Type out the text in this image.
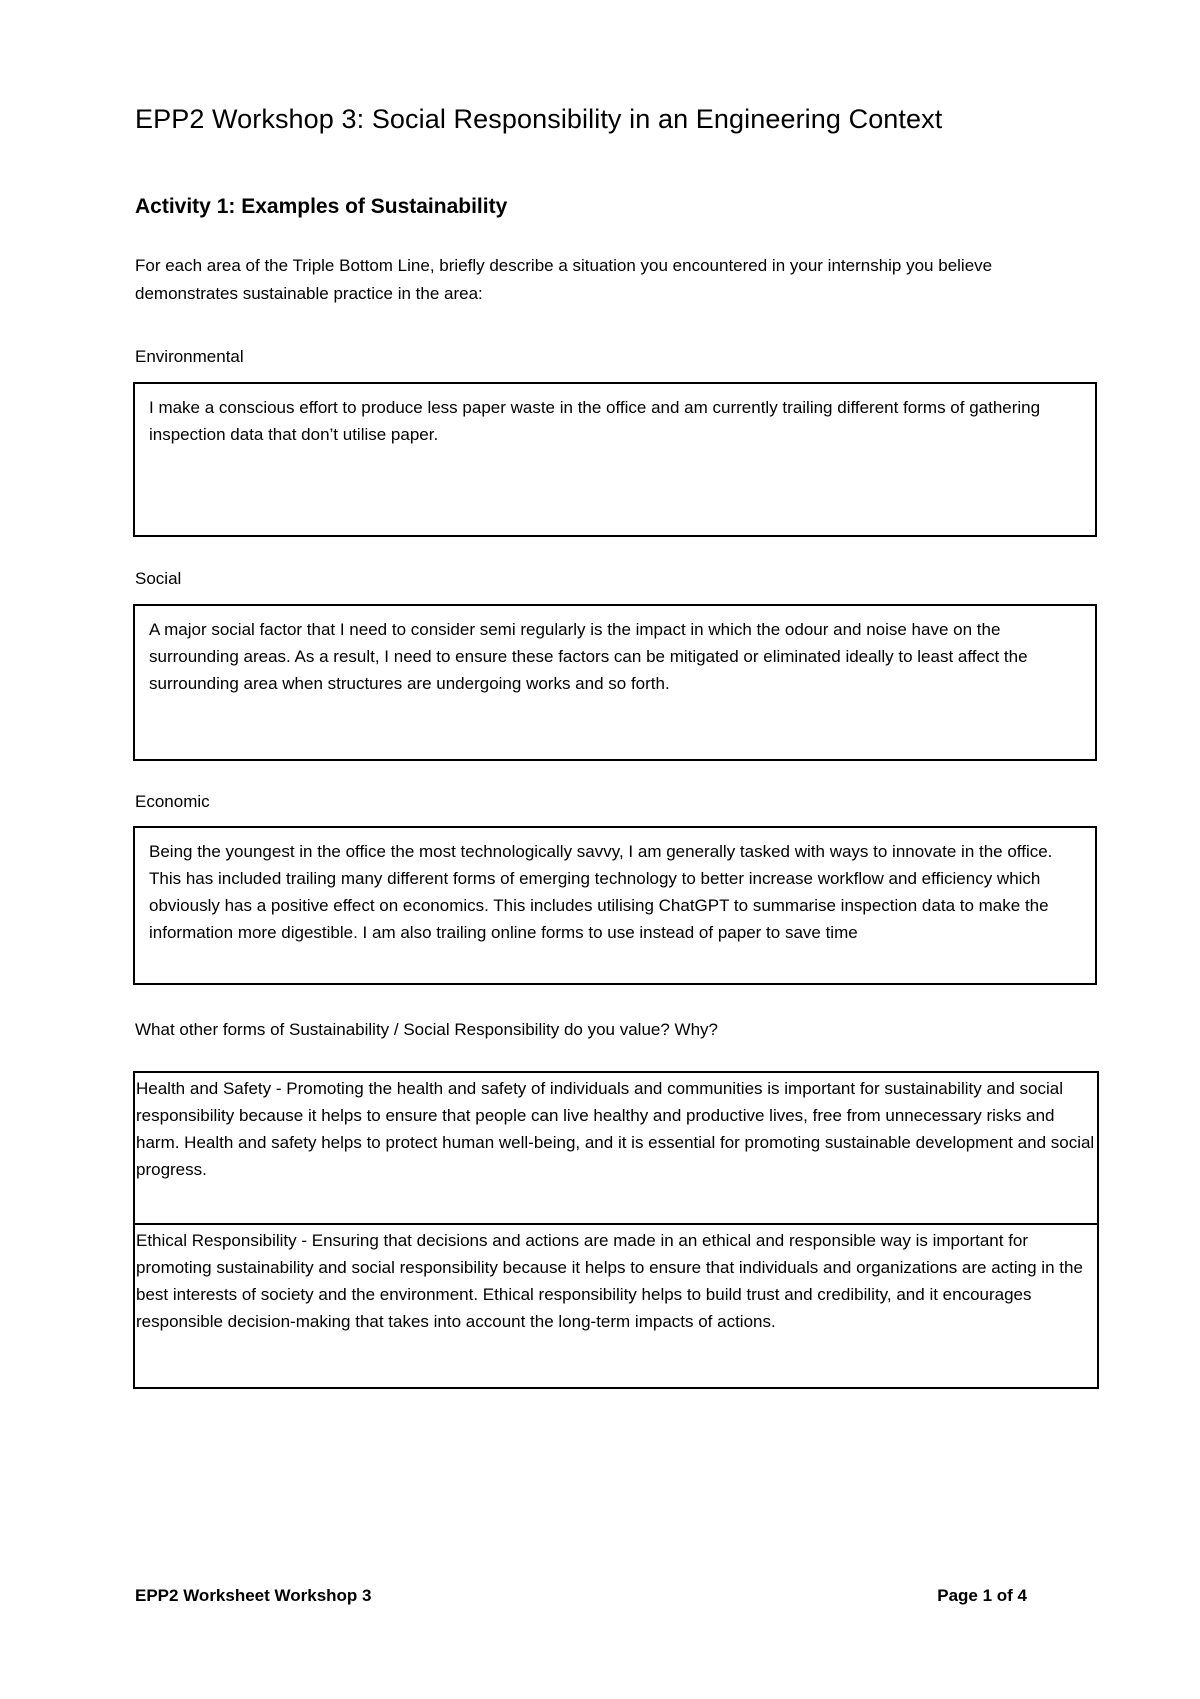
EPP2 Workshop 3: Social Responsibility in an Engineering Context
Activity 1: Examples of Sustainability

For each area of the Triple Bottom Line, briefly describe a situation you encountered in your internship you believe demonstrates sustainable practice in the area:

Environmental

I make a conscious effort to produce less paper waste in the office and am currently trailing different forms of gathering inspection data that don’t utilise paper.

Social

A major social factor that I need to consider semi regularly is the impact in which the odour and noise have on the surrounding areas. As a result, I need to ensure these factors can be mitigated or eliminated ideally to least affect the surrounding area when structures are undergoing works and so forth.

Economic

Being the youngest in the office the most technologically savvy, I am generally tasked with ways to innovate in the office. This has included trailing many different forms of emerging technology to better increase workflow and efficiency which obviously has a positive effect on economics. This includes utilising ChatGPT to summarise inspection data to make the information more digestible. I am also trailing online forms to use instead of paper to save time

What other forms of Sustainability / Social Responsibility do you value? Why?

Health and Safety - Promoting the health and safety of individuals and communities is important for sustainability and social responsibility because it helps to ensure that people can live healthy and productive lives, free from unnecessary risks and harm. Health and safety helps to protect human well-being, and it is essential for promoting sustainable development and social progress.
Ethical Responsibility - Ensuring that decisions and actions are made in an ethical and responsible way is important for promoting sustainability and social responsibility because it helps to ensure that individuals and organizations are acting in the best interests of society and the environment. Ethical responsibility helps to build trust and credibility, and it encourages responsible decision-making that takes into account the long-term impacts of actions.

EPP2 Worksheet Workshop 3	Page 1 of 4
